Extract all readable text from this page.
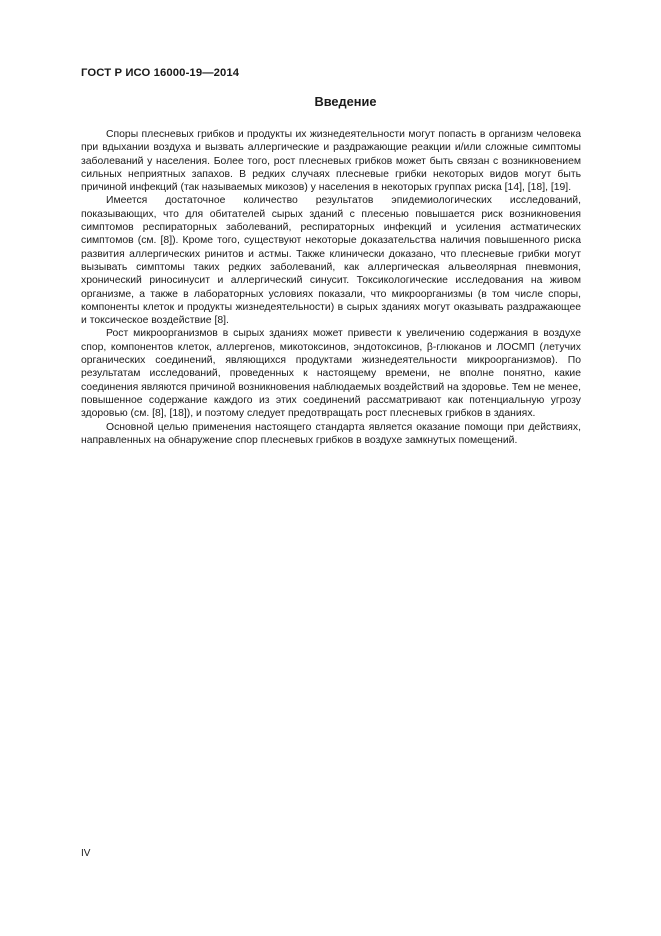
ГОСТ Р ИСО 16000-19—2014
Введение

Споры плесневых грибков и продукты их жизнедеятельности могут попасть в организм человека при вдыхании воздуха и вызвать аллергические и раздражающие реакции и/или сложные симптомы заболеваний у населения. Более того, рост плесневых грибков может быть связан с возникновением сильных неприятных запахов. В редких случаях плесневые грибки некоторых видов могут быть причиной инфекций (так называемых микозов) у населения в некоторых группах риска [14], [18], [19].

Имеется достаточное количество результатов эпидемиологических исследований, показывающих, что для обитателей сырых зданий с плесенью повышается риск возникновения симптомов респираторных заболеваний, респираторных инфекций и усиления астматических симптомов (см. [8]). Кроме того, существуют некоторые доказательства наличия повышенного риска развития аллергических ринитов и астмы. Также клинически доказано, что плесневые грибки могут вызывать симптомы таких редких заболеваний, как аллергическая альвеолярная пневмония, хронический риносинусит и аллергический синусит. Токсикологические исследования на живом организме, а также в лабораторных условиях показали, что микроорганизмы (в том числе споры, компоненты клеток и продукты жизнедеятельности) в сырых зданиях могут оказывать раздражающее и токсическое воздействие [8].

Рост микроорганизмов в сырых зданиях может привести к увеличению содержания в воздухе спор, компонентов клеток, аллергенов, микотоксинов, эндотоксинов, β-глюканов и ЛОСМП (летучих органических соединений, являющихся продуктами жизнедеятельности микроорганизмов). По результатам исследований, проведенных к настоящему времени, не вполне понятно, какие соединения являются причиной возникновения наблюдаемых воздействий на здоровье. Тем не менее, повышенное содержание каждого из этих соединений рассматривают как потенциальную угрозу здоровью (см. [8], [18]), и поэтому следует предотвращать рост плесневых грибков в зданиях.

Основной целью применения настоящего стандарта является оказание помощи при действиях, направленных на обнаружение спор плесневых грибков в воздухе замкнутых помещений.

IV
